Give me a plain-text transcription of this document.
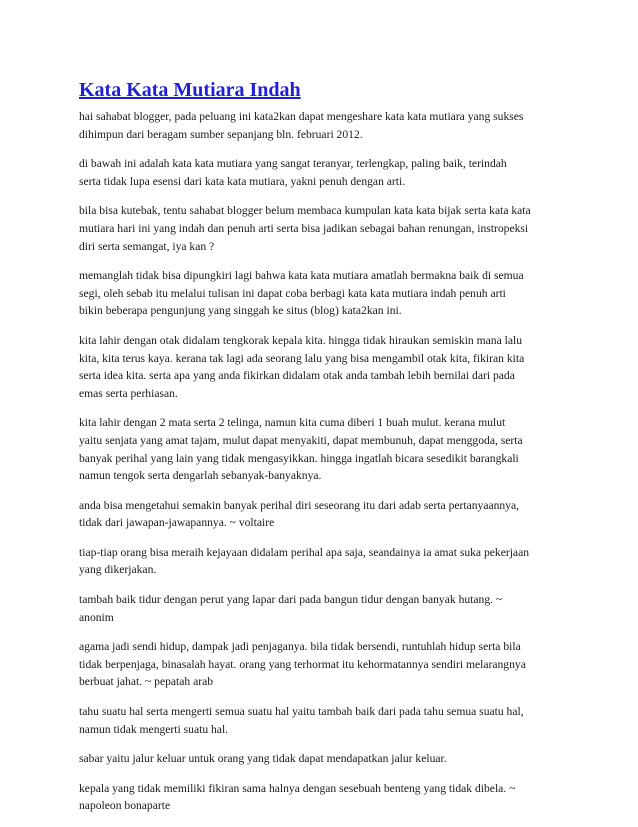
Kata Kata Mutiara Indah

hai sahabat blogger, pada peluang ini kata2kan dapat mengeshare kata kata mutiara yang sukses
dihimpun dari beragam sumber sepanjang bln. februari 2012.

di bawah ini adalah kata kata mutiara yang sangat teranyar, terlengkap, paling baik, terindah
serta tidak lupa esensi dari kata kata mutiara, yakni penuh dengan arti.

bila bisa kutebak, tentu sahabat blogger belum membaca kumpulan kata kata bijak serta kata kata
mutiara hari ini yang indah dan penuh arti serta bisa jadikan sebagai bahan renungan, instropeksi
diri serta semangat, iya kan ?

memanglah tidak bisa dipungkiri lagi bahwa kata kata mutiara amatlah bermakna baik di semua
segi, oleh sebab itu melalui tulisan ini dapat coba berbagi kata kata mutiara indah penuh arti
bikin beberapa pengunjung yang singgah ke situs (blog) kata2kan ini.

kita lahir dengan otak didalam tengkorak kepala kita. hingga tidak hiraukan semiskin mana lalu
kita, kita terus kaya. kerana tak lagi ada seorang lalu yang bisa mengambil otak kita, fikiran kita
serta idea kita. serta apa yang anda fikirkan didalam otak anda tambah lebih bernilai dari pada
emas serta perhiasan.

kita lahir dengan 2 mata serta 2 telinga, namun kita cuma diberi 1 buah mulut. kerana mulut
yaitu senjata yang amat tajam, mulut dapat menyakiti, dapat membunuh, dapat menggoda, serta
banyak perihal yang lain yang tidak mengasyikkan. hingga ingatlah bicara sesedikit barangkali
namun tengok serta dengarlah sebanyak-banyaknya.

anda bisa mengetahui semakin banyak perihal diri seseorang itu dari adab serta pertanyaannya,
tidak dari jawapan-jawapannya. ~ voltaire

tiap-tiap orang bisa meraih kejayaan didalam perihal apa saja, seandainya ia amat suka pekerjaan
yang dikerjakan.

tambah baik tidur dengan perut yang lapar dari pada bangun tidur dengan banyak hutang. ~
anonim

agama jadi sendi hidup, dampak jadi penjaganya. bila tidak bersendi, runtuhlah hidup serta bila
tidak berpenjaga, binasalah hayat. orang yang terhormat itu kehormatannya sendiri melarangnya
berbuat jahat. ~ pepatah arab

tahu suatu hal serta mengerti semua suatu hal yaitu tambah baik dari pada tahu semua suatu hal,
namun tidak mengerti suatu hal.

sabar yaitu jalur keluar untuk orang yang tidak dapat mendapatkan jalur keluar.

kepala yang tidak memiliki fikiran sama halnya dengan sesebuah benteng yang tidak dibela. ~
napoleon bonaparte
